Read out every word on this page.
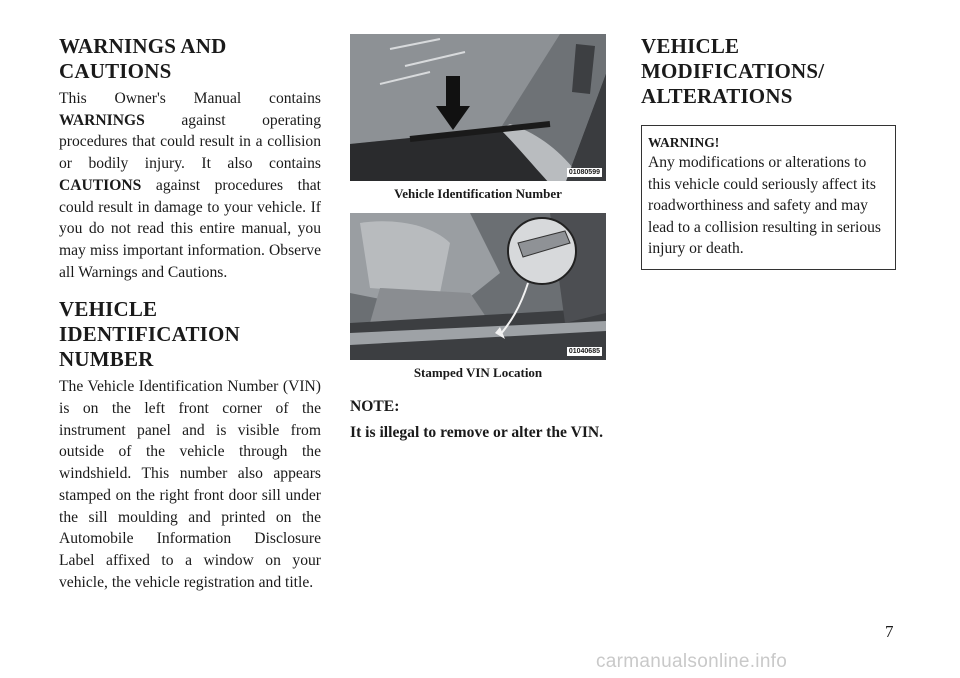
WARNINGS AND CAUTIONS

This Owner's Manual contains WARNINGS against operating procedures that could result in a collision or bodily injury. It also contains CAUTIONS against procedures that could result in damage to your vehicle. If you do not read this entire manual, you may miss important information. Observe all Warnings and Cautions.

VEHICLE IDENTIFICATION NUMBER

The Vehicle Identification Number (VIN) is on the left front corner of the instrument panel and is visible from outside of the vehicle through the windshield. This number also appears stamped on the right front door sill under the sill moulding and printed on the Automobile Information Disclosure Label affixed to a window on your vehicle, the vehicle registration and title.

01080599
Vehicle Identification Number
01040685
Stamped VIN Location

NOTE:

It is illegal to remove or alter the VIN.

VEHICLE MODIFICATIONS/ ALTERATIONS

WARNING!

Any modifications or alterations to this vehicle could seriously affect its roadworthiness and safety and may lead to a collision resulting in serious injury or death.

7
carmanualsonline.info
